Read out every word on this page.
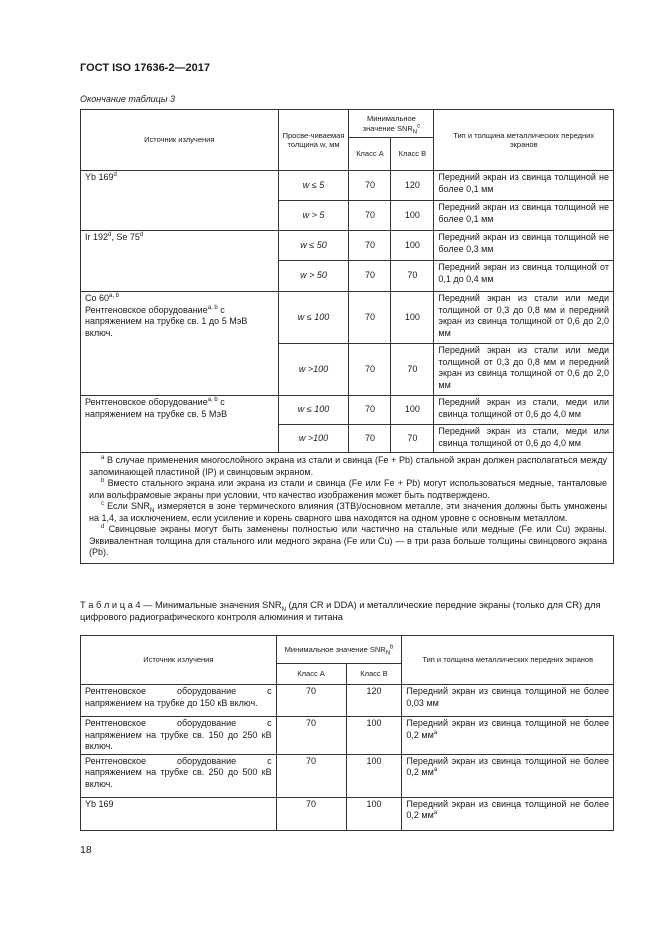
ГОСТ ISO 17636-2—2017
Окончание таблицы 3
Источник излучения	Просве-чиваемая толщина w, мм	Минимальное значение $SNR_N^c$		Тип и толщина металлических передних экранов
		Класс А	Класс В	
Yb 169$^d$	w ≤ 5	70	120	Передний экран из свинца толщиной не более 0,1 мм
	w > 5	70	100	Передний экран из свинца толщиной не более 0,1 мм
Ir 192$^d$, Se 75$^d$	w ≤ 50	70	100	Передний экран из свинца толщиной не более 0,3 мм
	w > 50	70	70	Передний экран из свинца толщиной от 0,1 до 0,4 мм
Co 60$^{a, b}$
Рентгеновское оборудование$^{a, b}$ с напряжением на трубке св. 1 до 5 МэВ включ.	w ≤ 100	70	100	Передний экран из стали или меди толщиной от 0,3 до 0,8 мм и передний экран из свинца толщиной от 0,6 до 2,0 мм
	w >100	70	70	Передний экран из стали или меди толщиной от 0,3 до 0,8 мм и передний экран из свинца толщиной от 0,6 до 2,0 мм
Рентгеновское оборудование$^{a, b}$ с напряжением на трубке св. 5 МэВ	w ≤ 100	70	100	Передний экран из стали, меди или свинца толщиной от 0,6 до 4,0 мм
	w >100	70	70	Передний экран из стали, меди или свинца толщиной от 0,6 до 4,0 мм

$^a$ В случае применения многослойного экрана из стали и свинца (Fe + Pb) стальной экран должен располагаться между запоминающей пластиной (IP) и свинцовым экраном.

$^b$ Вместо стального экрана или экрана из стали и свинца (Fe или Fe + Pb) могут использоваться медные, танталовые или вольфрамовые экраны при условии, что качество изображения может быть подтверждено.

$^c$ Если $SNR_N$ измеряется в зоне термического влияния (ЗТВ)/основном металле, эти значения должны быть умножены на 1,4, за исключением, если усиление и корень сварного шва находятся на одном уровне с основным металлом.

$^d$ Свинцовые экраны могут быть заменены полностью или частично на стальные или медные (Fe или Cu) экраны. Эквивалентная толщина для стального или медного экрана (Fe или Cu) — в три раза больше толщины свинцового экрана (Pb).				

Т а б л и ц а 4 — Минимальные значения $SNR_N$ (для CR и DDA) и металлические передние экраны (только для CR) для цифрового радиографического контроля алюминия и титана
Источник излучения	Минимальное значение $SNR_N^b$		Тип и толщина металлических передних экранов
	Класс А	Класс В	
Рентгеновское оборудование с напряжением на трубке до 150 кВ включ.	70	120	Передний экран из свинца толщиной не более 0,03 мм
Рентгеновское оборудование с напряжением на трубке св. 150 до 250 кВ включ.	70	100	Передний экран из свинца толщиной не более 0,2 $мм^a$
Рентгеновское оборудование с напряжением на трубке св. 250 до 500 кВ включ.	70	100	Передний экран из свинца толщиной не более 0,2 $мм^a$
Yb 169	70	100	Передний экран из свинца толщиной не более 0,2 $мм^a$
18
